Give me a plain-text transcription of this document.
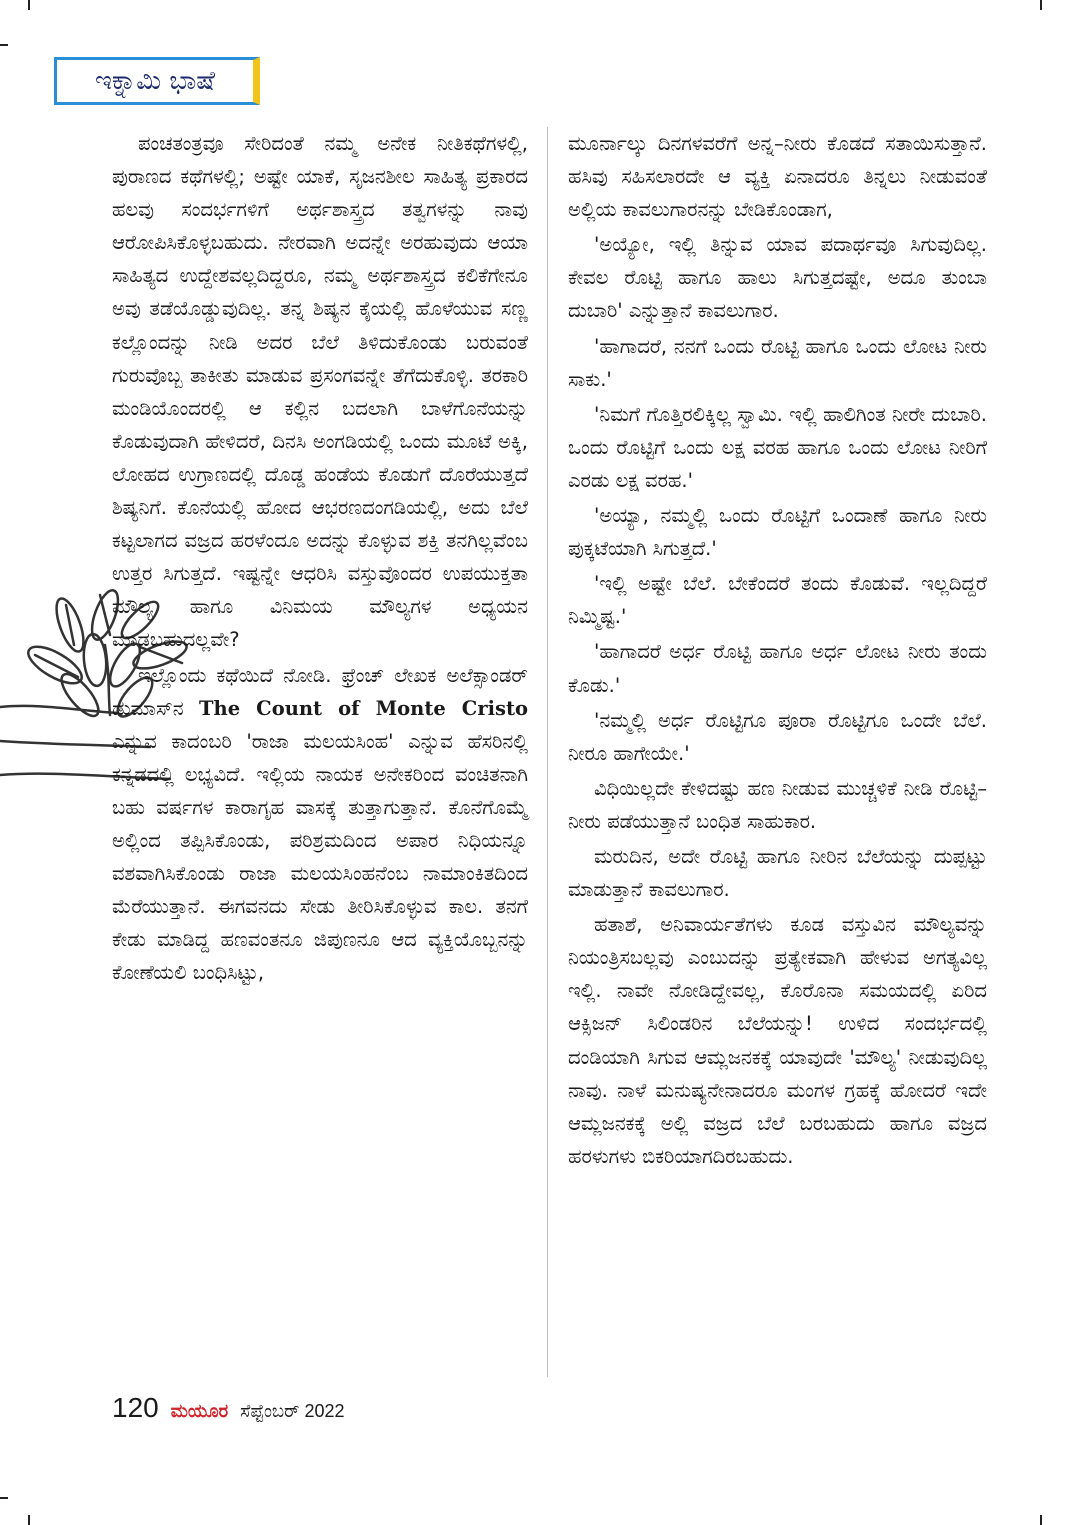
ಇಕ್ನಾಮಿ ಭಾಷೆ

ಪಂಚತಂತ್ರವೂ ಸೇರಿದಂತೆ ನಮ್ಮ ಅನೇಕ ನೀತಿಕಥೆಗಳಲ್ಲಿ, ಪುರಾಣದ ಕಥೆಗಳಲ್ಲಿ; ಅಷ್ಟೇ ಯಾಕೆ, ಸೃಜನಶೀಲ ಸಾಹಿತ್ಯ ಪ್ರಕಾರದ ಹಲವು ಸಂದರ್ಭಗಳಿಗೆ ಅರ್ಥಶಾಸ್ತ್ರದ ತತ್ವಗಳನ್ನು ನಾವು ಆರೋಪಿಸಿಕೊಳ್ಳಬಹುದು. ನೇರವಾಗಿ ಅದನ್ನೇ ಅರಹುವುದು ಆಯಾ ಸಾಹಿತ್ಯದ ಉದ್ದೇಶವಲ್ಲದಿದ್ದರೂ, ನಮ್ಮ ಅರ್ಥಶಾಸ್ತ್ರದ ಕಲಿಕೆಗೇನೂ ಅವು ತಡೆಯೊಡ್ಡುವುದಿಲ್ಲ. ತನ್ನ ಶಿಷ್ಯನ ಕೈಯಲ್ಲಿ ಹೊಳೆಯುವ ಸಣ್ಣ ಕಲ್ಲೊಂದನ್ನು ನೀಡಿ ಅದರ ಬೆಲೆ ತಿಳಿದುಕೊಂಡು ಬರುವಂತೆ ಗುರುವೊಬ್ಬ ತಾಕೀತು ಮಾಡುವ ಪ್ರಸಂಗವನ್ನೇ ತೆಗೆದುಕೊಳ್ಳಿ. ತರಕಾರಿ ಮಂಡಿಯೊಂದರಲ್ಲಿ ಆ ಕಲ್ಲಿನ ಬದಲಾಗಿ ಬಾಳೆಗೊನೆಯನ್ನು ಕೊಡುವುದಾಗಿ ಹೇಳಿದರೆ, ದಿನಸಿ ಅಂಗಡಿಯಲ್ಲಿ ಒಂದು ಮೂಟೆ ಅಕ್ಕಿ, ಲೋಹದ ಉಗ್ರಾಣದಲ್ಲಿ ದೊಡ್ಡ ಹಂಡೆಯ ಕೊಡುಗೆ ದೊರೆಯುತ್ತದೆ ಶಿಷ್ಯನಿಗೆ. ಕೊನೆಯಲ್ಲಿ ಹೋದ ಆಭರಣದಂಗಡಿಯಲ್ಲಿ, ಅದು ಬೆಲೆ ಕಟ್ಟಲಾಗದ ವಜ್ರದ ಹರಳೆಂದೂ ಅದನ್ನು ಕೊಳ್ಳುವ ಶಕ್ತಿ ತನಗಿಲ್ಲವೆಂಬ ಉತ್ತರ ಸಿಗುತ್ತದೆ. ಇಷ್ಟನ್ನೇ ಆಧರಿಸಿ ವಸ್ತುವೊಂದರ ಉಪಯುಕ್ತತಾ ಮೌಲ್ಯ ಹಾಗೂ ವಿನಿಮಯ ಮೌಲ್ಯಗಳ ಅಧ್ಯಯನ ಮಾಡಬಹುದಲ್ಲವೇ?

ಇಲ್ಲೊಂದು ಕಥೆಯಿದೆ ನೋಡಿ. ಫ್ರೆಂಚ್ ಲೇಖಕ ಅಲೆಕ್ಸಾಂಡರ್ ಡುಮಾಸ್‌ನ The Count of Monte Cristo ಎನ್ನುವ ಕಾದಂಬರಿ 'ರಾಜಾ ಮಲಯಸಿಂಹ' ಎನ್ನುವ ಹೆಸರಿನಲ್ಲಿ ಕನ್ನಡದಲ್ಲಿ ಲಭ್ಯವಿದೆ. ಇಲ್ಲಿಯ ನಾಯಕ ಅನೇಕರಿಂದ ವಂಚಿತನಾಗಿ ಬಹು ವರ್ಷಗಳ ಕಾರಾಗೃಹ ವಾಸಕ್ಕೆ ತುತ್ತಾಗುತ್ತಾನೆ. ಕೊನೆಗೊಮ್ಮೆ ಅಲ್ಲಿಂದ ತಪ್ಪಿಸಿಕೊಂಡು, ಪರಿಶ್ರಮದಿಂದ ಅಪಾರ ನಿಧಿಯನ್ನೂ ವಶವಾಗಿಸಿಕೊಂಡು ರಾಜಾ ಮಲಯಸಿಂಹನೆಂಬ ನಾಮಾಂಕಿತದಿಂದ ಮೆರೆಯುತ್ತಾನೆ. ಈಗವನದು ಸೇಡು ತೀರಿಸಿಕೊಳ್ಳುವ ಕಾಲ. ತನಗೆ ಕೇಡು ಮಾಡಿದ್ದ ಹಣವಂತನೂ ಜಿಪುಣನೂ ಆದ ವ್ಯಕ್ತಿಯೊಬ್ಬನನ್ನು ಕೋಣೆಯಲಿ ಬಂಧಿಸಿಟ್ಟು,

ಮೂರ್ನಾಲ್ಕು ದಿನಗಳವರೆಗೆ ಅನ್ನ–ನೀರು ಕೊಡದೆ ಸತಾಯಿಸುತ್ತಾನೆ. ಹಸಿವು ಸಹಿಸಲಾರದೇ ಆ ವ್ಯಕ್ತಿ ಏನಾದರೂ ತಿನ್ನಲು ನೀಡುವಂತೆ ಅಲ್ಲಿಯ ಕಾವಲುಗಾರನನ್ನು ಬೇಡಿಕೊಂಡಾಗ,

'ಅಯ್ಯೋ, ಇಲ್ಲಿ ತಿನ್ನುವ ಯಾವ ಪದಾರ್ಥವೂ ಸಿಗುವುದಿಲ್ಲ. ಕೇವಲ ರೊಟ್ಟಿ ಹಾಗೂ ಹಾಲು ಸಿಗುತ್ತದಷ್ಟೇ, ಅದೂ ತುಂಬಾ ದುಬಾರಿ' ಎನ್ನುತ್ತಾನೆ ಕಾವಲುಗಾರ.

'ಹಾಗಾದರೆ, ನನಗೆ ಒಂದು ರೊಟ್ಟಿ ಹಾಗೂ ಒಂದು ಲೋಟ ನೀರು ಸಾಕು.'

'ನಿಮಗೆ ಗೊತ್ತಿರಲಿಕ್ಕಿಲ್ಲ ಸ್ವಾಮಿ. ಇಲ್ಲಿ ಹಾಲಿಗಿಂತ ನೀರೇ ದುಬಾರಿ. ಒಂದು ರೊಟ್ಟಿಗೆ ಒಂದು ಲಕ್ಷ ವರಹ ಹಾಗೂ ಒಂದು ಲೋಟ ನೀರಿಗೆ ಎರಡು ಲಕ್ಷ ವರಹ.'

'ಅಯ್ಯಾ, ನಮ್ಮಲ್ಲಿ ಒಂದು ರೊಟ್ಟಿಗೆ ಒಂದಾಣೆ ಹಾಗೂ ನೀರು ಪುಕ್ಕಟೆಯಾಗಿ ಸಿಗುತ್ತದೆ.'

'ಇಲ್ಲಿ ಅಷ್ಟೇ ಬೆಲೆ. ಬೇಕೆಂದರೆ ತಂದು ಕೊಡುವೆ. ಇಲ್ಲದಿದ್ದರೆ ನಿಮ್ಮಿಷ್ಟ.'

'ಹಾಗಾದರೆ ಅರ್ಧ ರೊಟ್ಟಿ ಹಾಗೂ ಅರ್ಧ ಲೋಟ ನೀರು ತಂದು ಕೊಡು.'

'ನಮ್ಮಲ್ಲಿ ಅರ್ಧ ರೊಟ್ಟಿಗೂ ಪೂರಾ ರೊಟ್ಟಿಗೂ ಒಂದೇ ಬೆಲೆ. ನೀರೂ ಹಾಗೇಯೇ.'

ವಿಧಿಯಿಲ್ಲದೇ ಕೇಳಿದಷ್ಟು ಹಣ ನೀಡುವ ಮುಚ್ಚಳಿಕೆ ನೀಡಿ ರೊಟ್ಟಿ–ನೀರು ಪಡೆಯುತ್ತಾನೆ ಬಂಧಿತ ಸಾಹುಕಾರ.

ಮರುದಿನ, ಅದೇ ರೊಟ್ಟಿ ಹಾಗೂ ನೀರಿನ ಬೆಲೆಯನ್ನು ದುಪ್ಪಟ್ಟು ಮಾಡುತ್ತಾನೆ ಕಾವಲುಗಾರ.

ಹತಾಶೆ, ಅನಿವಾರ್ಯತೆಗಳು ಕೂಡ ವಸ್ತುವಿನ ಮೌಲ್ಯವನ್ನು ನಿಯಂತ್ರಿಸಬಲ್ಲವು ಎಂಬುದನ್ನು ಪ್ರತ್ಯೇಕವಾಗಿ ಹೇಳುವ ಅಗತ್ಯವಿಲ್ಲ ಇಲ್ಲಿ. ನಾವೇ ನೋಡಿದ್ದೇವಲ್ಲ, ಕೊರೊನಾ ಸಮಯದಲ್ಲಿ ಏರಿದ ಆಕ್ಸಿಜನ್ ಸಿಲಿಂಡರಿನ ಬೆಲೆಯನ್ನು! ಉಳಿದ ಸಂದರ್ಭದಲ್ಲಿ ದಂಡಿಯಾಗಿ ಸಿಗುವ ಆಮ್ಲಜನಕಕ್ಕೆ ಯಾವುದೇ 'ಮೌಲ್ಯ' ನೀಡುವುದಿಲ್ಲ ನಾವು. ನಾಳೆ ಮನುಷ್ಯನೇನಾದರೂ ಮಂಗಳ ಗ್ರಹಕ್ಕೆ ಹೋದರೆ ಇದೇ ಆಮ್ಲಜನಕಕ್ಕೆ ಅಲ್ಲಿ ವಜ್ರದ ಬೆಲೆ ಬರಬಹುದು ಹಾಗೂ ವಜ್ರದ ಹರಳುಗಳು ಬಿಕರಿಯಾಗದಿರಬಹುದು.

120 ಮಯೂರ ಸೆಪ್ಟೆಂಬರ್ 2022
